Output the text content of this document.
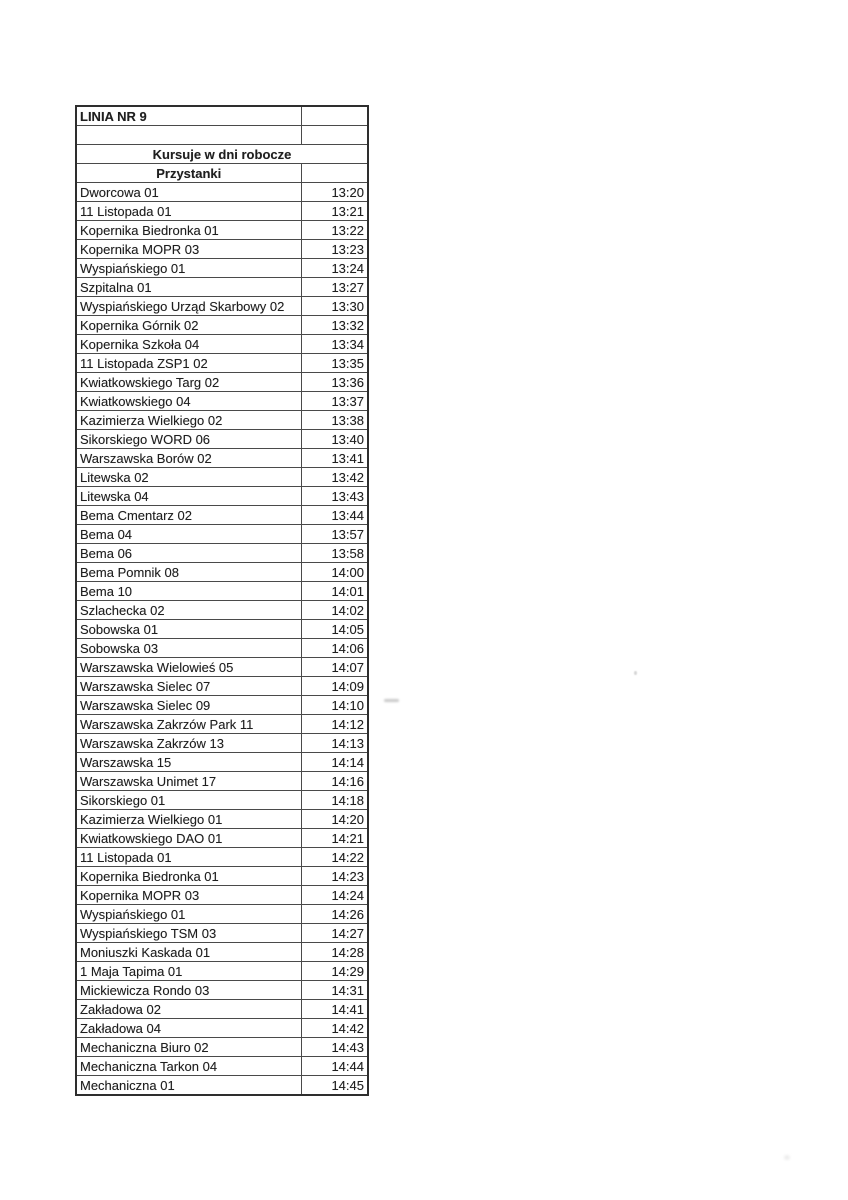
LINIA NR 9	

Kursuje w dni robocze	
Przystanki	
Dworcowa 01	13:20
11 Listopada 01	13:21
Kopernika Biedronka 01	13:22
Kopernika MOPR 03	13:23
Wyspiańskiego 01	13:24
Szpitalna 01	13:27
Wyspiańskiego Urząd Skarbowy 02	13:30
Kopernika Górnik 02	13:32
Kopernika Szkoła 04	13:34
11 Listopada ZSP1 02	13:35
Kwiatkowskiego Targ 02	13:36
Kwiatkowskiego 04	13:37
Kazimierza Wielkiego 02	13:38
Sikorskiego WORD 06	13:40
Warszawska Borów 02	13:41
Litewska 02	13:42
Litewska 04	13:43
Bema Cmentarz 02	13:44
Bema 04	13:57
Bema 06	13:58
Bema Pomnik 08	14:00
Bema 10	14:01
Szlachecka 02	14:02
Sobowska 01	14:05
Sobowska 03	14:06
Warszawska Wielowieś 05	14:07
Warszawska Sielec 07	14:09
Warszawska Sielec 09	14:10
Warszawska Zakrzów Park 11	14:12
Warszawska Zakrzów 13	14:13
Warszawska 15	14:14
Warszawska Unimet 17	14:16
Sikorskiego 01	14:18
Kazimierza Wielkiego 01	14:20
Kwiatkowskiego DAO 01	14:21
11 Listopada 01	14:22
Kopernika Biedronka 01	14:23
Kopernika MOPR 03	14:24
Wyspiańskiego 01	14:26
Wyspiańskiego TSM 03	14:27
Moniuszki Kaskada 01	14:28
1 Maja Tapima 01	14:29
Mickiewicza Rondo 03	14:31
Zakładowa 02	14:41
Zakładowa 04	14:42
Mechaniczna Biuro 02	14:43
Mechaniczna Tarkon 04	14:44
Mechaniczna 01	14:45
